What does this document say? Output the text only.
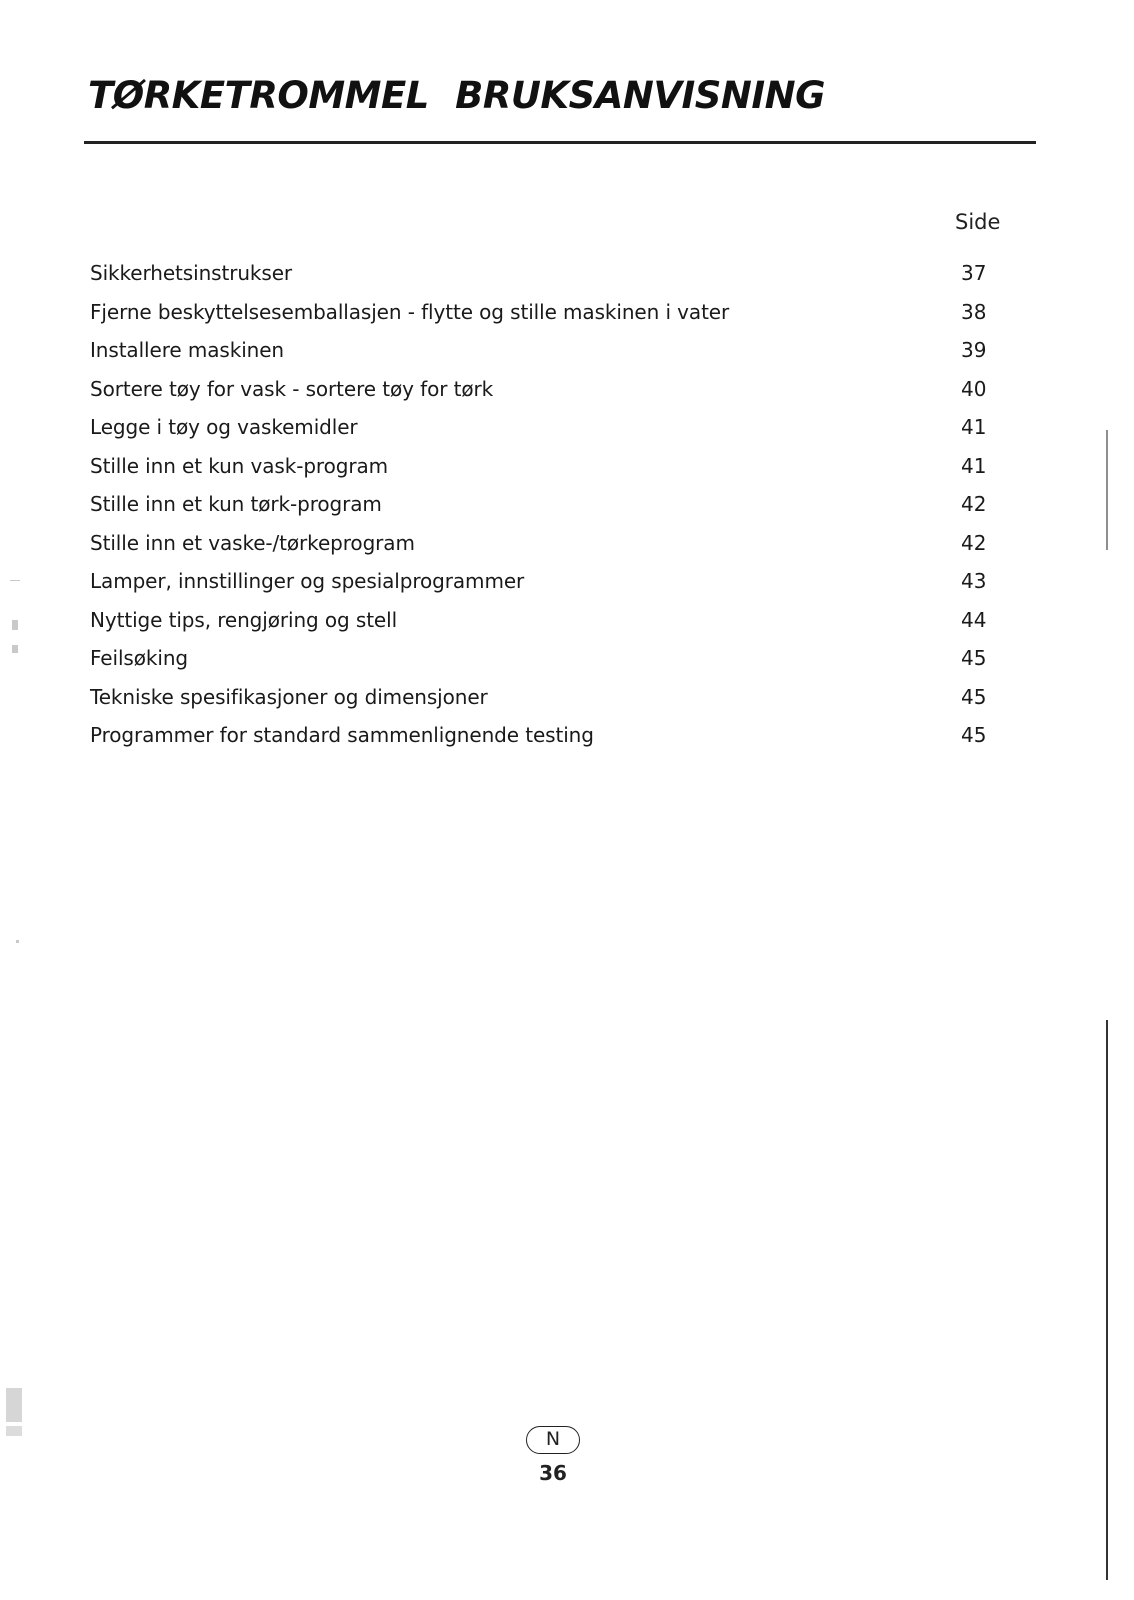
TØRKETROMMEL BRUKSANVISNING
Side
Sikkerhetsinstrukser	37
Fjerne beskyttelsesemballasjen - flytte og stille maskinen i vater	38
Installere maskinen	39
Sortere tøy for vask - sortere tøy for tørk	40
Legge i tøy og vaskemidler	41
Stille inn et kun vask-program	41
Stille inn et kun tørk-program	42
Stille inn et vaske-/tørkeprogram	42
Lamper, innstillinger og spesialprogrammer	43
Nyttige tips, rengjøring og stell	44
Feilsøking	45
Tekniske spesifikasjoner og dimensjoner	45
Programmer for standard sammenlignende testing	45
N
36
